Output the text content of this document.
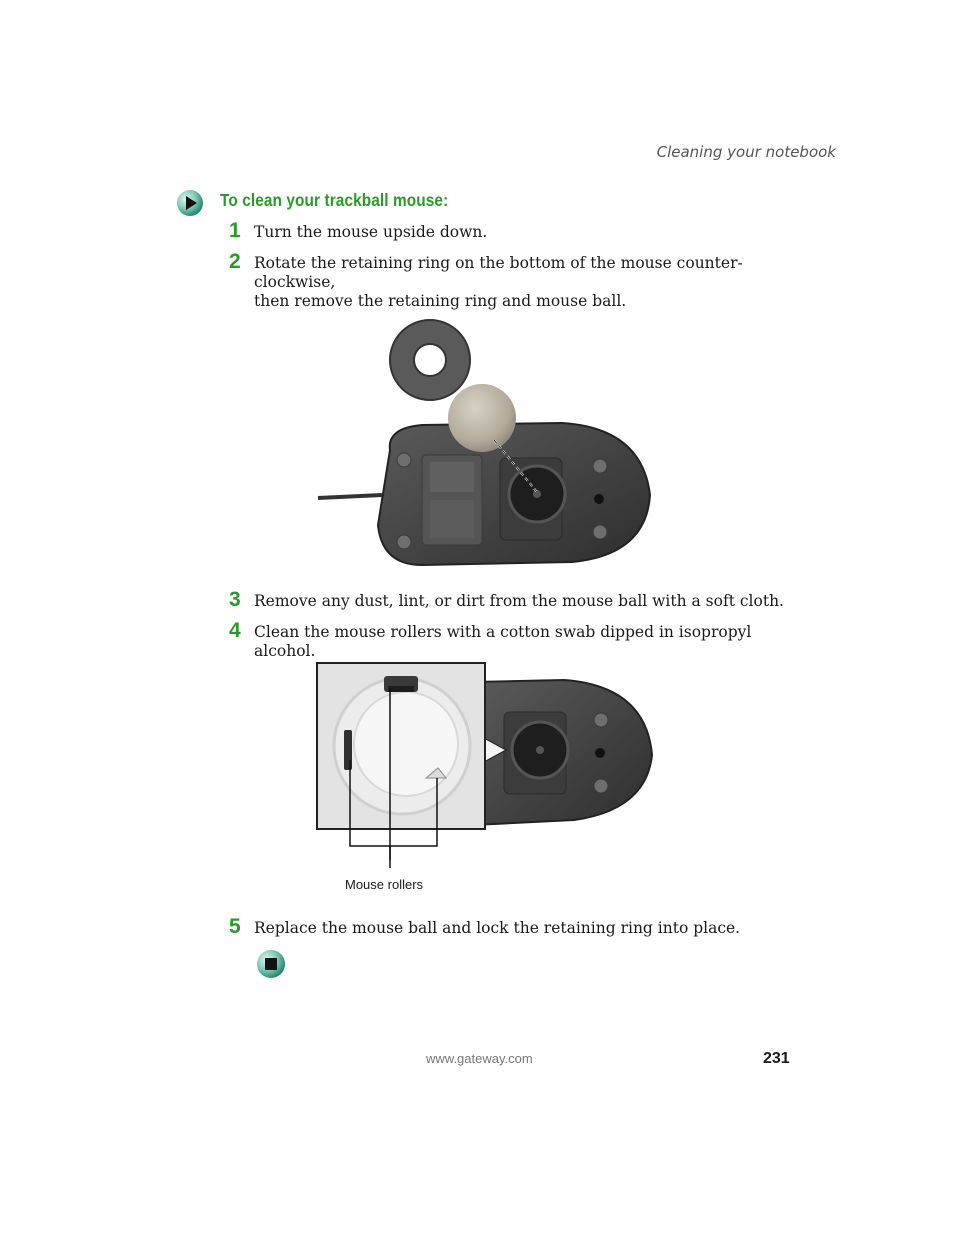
Cleaning your notebook
To clean your trackball mouse:
1 Turn the mouse upside down.
2 Rotate the retaining ring on the bottom of the mouse counter-clockwise,
then remove the retaining ring and mouse ball.
3 Remove any dust, lint, or dirt from the mouse ball with a soft cloth.
4 Clean the mouse rollers with a cotton swab dipped in isopropyl alcohol.
Mouse rollers
5 Replace the mouse ball and lock the retaining ring into place.
www.gateway.com	231
